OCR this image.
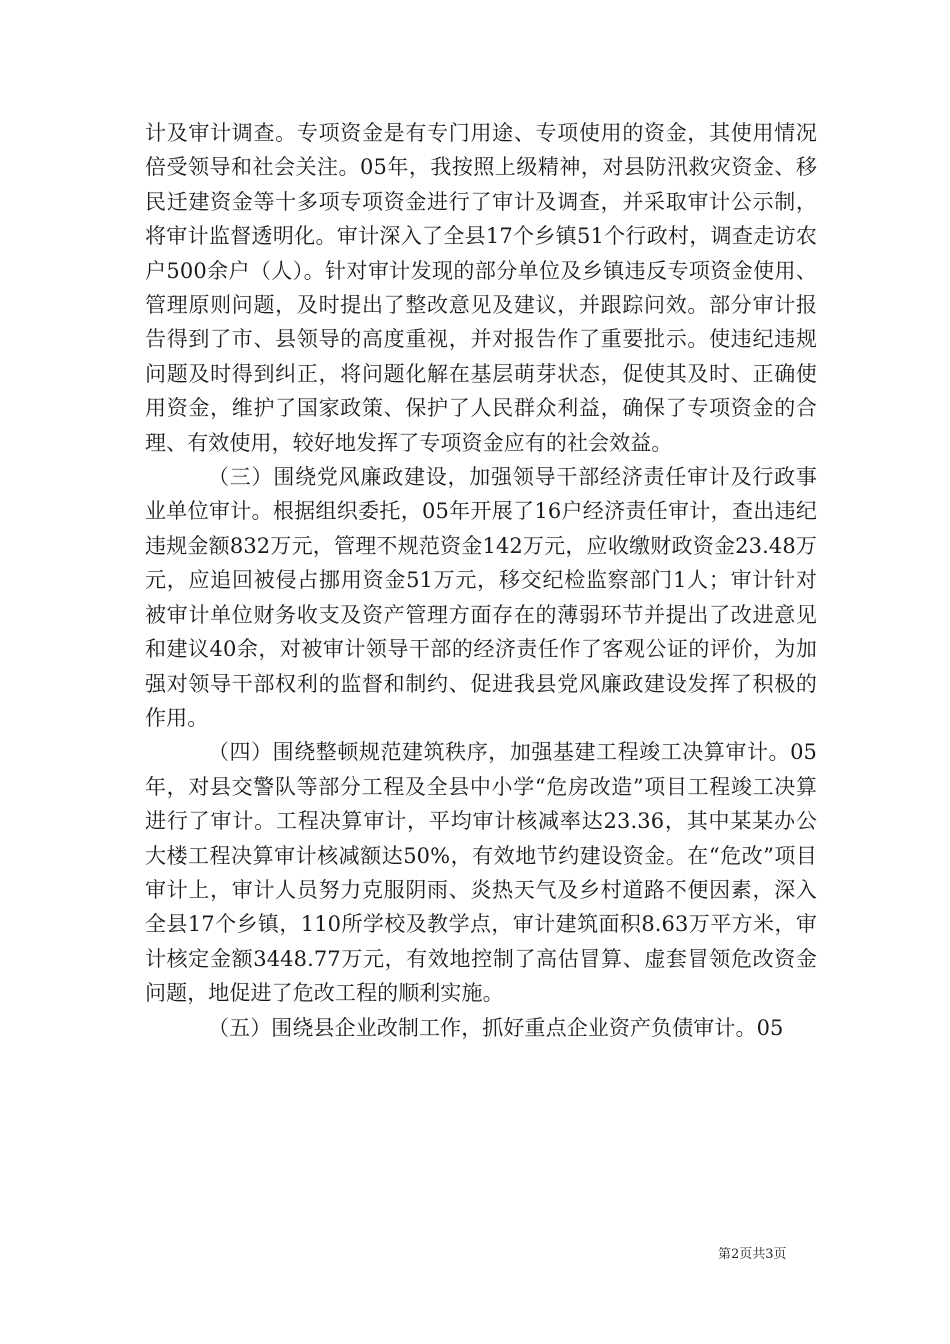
计及审计调查。专项资金是有专门用途、专项使用的资金，其使用情况倍受领导和社会关注。05年，我按照上级精神，对县防汛救灾资金、移民迁建资金等十多项专项资金进行了审计及调查，并采取审计公示制，将审计监督透明化。审计深入了全县17个乡镇51个行政村，调查走访农户500余户（人）。针对审计发现的部分单位及乡镇违反专项资金使用、管理原则问题，及时提出了整改意见及建议，并跟踪问效。部分审计报告得到了市、县领导的高度重视，并对报告作了重要批示。使违纪违规问题及时得到纠正，将问题化解在基层萌芽状态，促使其及时、正确使用资金，维护了国家政策、保护了人民群众利益，确保了专项资金的合理、有效使用，较好地发挥了专项资金应有的社会效益。

（三）围绕党风廉政建设，加强领导干部经济责任审计及行政事业单位审计。根据组织委托，05年开展了16户经济责任审计，查出违纪违规金额832万元，管理不规范资金142万元，应收缴财政资金23.48万元，应追回被侵占挪用资金51万元，移交纪检监察部门1人；审计针对被审计单位财务收支及资产管理方面存在的薄弱环节并提出了改进意见和建议40余，对被审计领导干部的经济责任作了客观公证的评价，为加强对领导干部权利的监督和制约、促进我县党风廉政建设发挥了积极的作用。

（四）围绕整顿规范建筑秩序，加强基建工程竣工决算审计。05年，对县交警队等部分工程及全县中小学“危房改造”项目工程竣工决算进行了审计。工程决算审计，平均审计核减率达23.36，其中某某办公大楼工程决算审计核减额达50%，有效地节约建设资金。在“危改”项目审计上，审计人员努力克服阴雨、炎热天气及乡村道路不便因素，深入全县17个乡镇，110所学校及教学点，审计建筑面积8.63万平方米，审计核定金额3448.77万元，有效地控制了高估冒算、虚套冒领危改资金问题，地促进了危改工程的顺利实施。

（五）围绕县企业改制工作，抓好重点企业资产负债审计。05

第2页共3页
